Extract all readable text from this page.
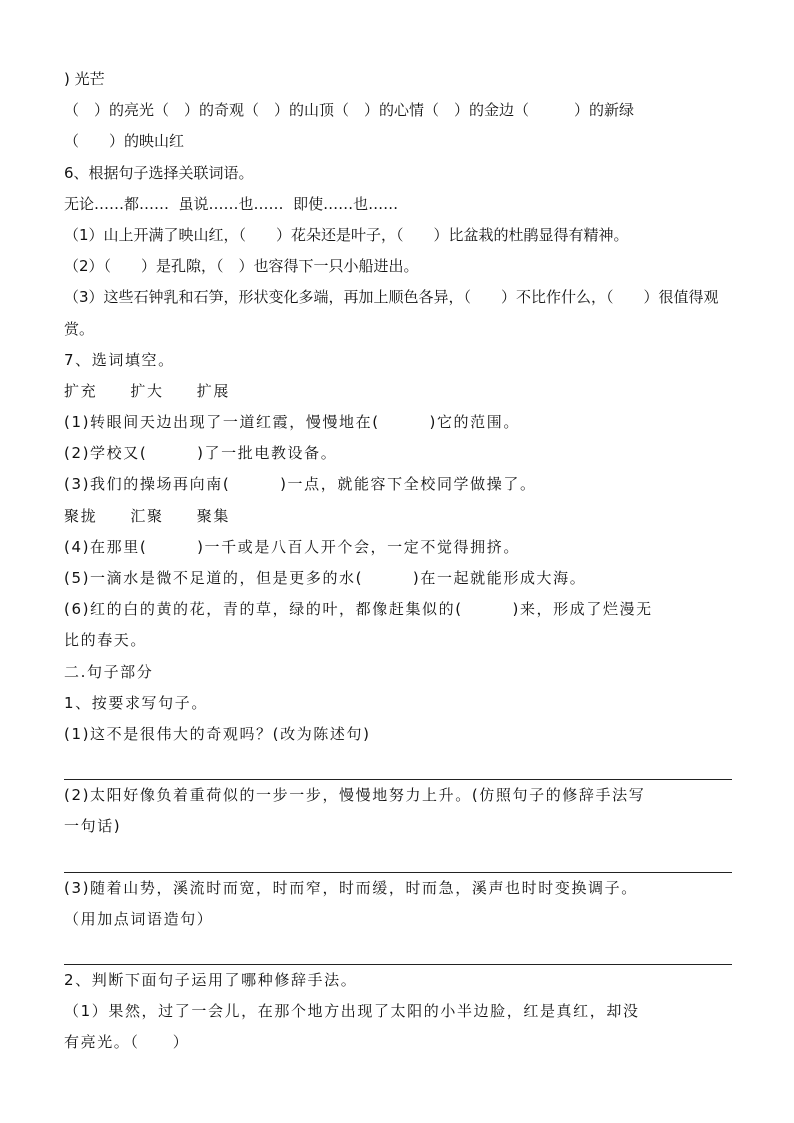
) 光芒
（　）的亮光（　）的奇观（　）的山顶（　）的心情（　）的金边（　　　）的新绿
（　　）的映山红
6、根据句子选择关联词语。
无论……都……  虽说……也……  即使……也……
（1）山上开满了映山红，（　　）花朵还是叶子，（　　）比盆栽的杜鹃显得有精神。
（2）（　　）是孔隙，（　）也容得下一只小船进出。
（3）这些石钟乳和石笋，形状变化多端，再加上顺色各异，（　　）不比作什么，（　　）很值得观
赏。
7、选词填空。
扩充　　扩大　　扩展
(1)转眼间天边出现了一道红霞，慢慢地在(　　　)它的范围。
(2)学校又(　　　)了一批电教设备。
(3)我们的操场再向南(　　　)一点，就能容下全校同学做操了。
聚拢　　汇聚　　聚集
(4)在那里(　　　)一千或是八百人开个会，一定不觉得拥挤。
(5)一滴水是微不足道的，但是更多的水(　　　)在一起就能形成大海。
(6)红的白的黄的花，青的草，绿的叶，都像赶集似的(　　　)来，形成了烂漫无
比的春天。
二.句子部分
1、按要求写句子。
(1)这不是很伟大的奇观吗？(改为陈述句)
(2)太阳好像负着重荷似的一步一步，慢慢地努力上升。(仿照句子的修辞手法写
一句话)
(3)随着山势，溪流时而宽，时而窄，时而缓，时而急，溪声也时时变换调子。
（用加点词语造句）
2、判断下面句子运用了哪种修辞手法。
（1）果然，过了一会儿，在那个地方出现了太阳的小半边脸，红是真红，却没
有亮光。（　　）
